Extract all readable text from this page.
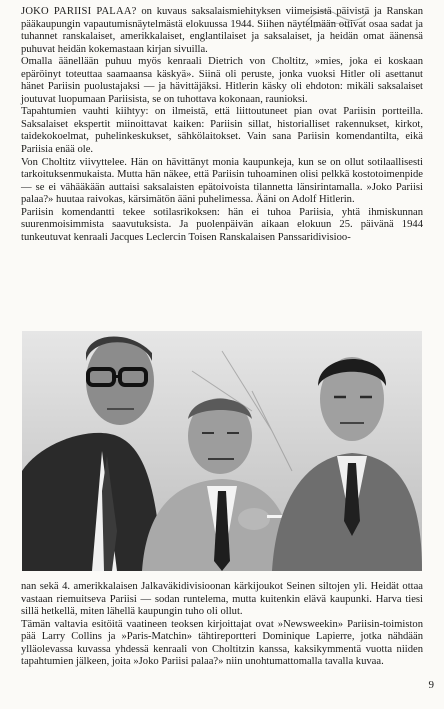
JOKO PARIISI PALAA? on kuvaus saksalaismiehityksen viimeisistä päivistä ja Ranskan pääkaupungin vapautumisnäytelmästä elokuussa 1944. Siihen näytelmään ottivat osaa sadat ja tuhannet ranskalaiset, amerikkalaiset, englantilaiset ja saksalaiset, ja heidän omat äänensä puhuvat heidän kokemastaan kirjan sivuilla.

Omalla äänellään puhuu myös kenraali Dietrich von Choltitz, »mies, joka ei koskaan epäröinyt toteuttaa saamaansa käskyä». Siinä oli peruste, jonka vuoksi Hitler oli asettanut hänet Pariisin puolustajaksi — ja hävittäjäksi. Hitlerin käsky oli ehdoton: mikäli saksalaiset joutuvat luopumaan Pariisista, se on tuhottava kokonaan, raunioksi.

Tapahtumien vauhti kiihtyy: on ilmeistä, että liittoutuneet pian ovat Pariisin portteilla. Saksalaiset ekspertit miinoittavat kaiken: Pariisin sillat, historialliset rakennukset, kirkot, taidekokoelmat, puhelinkeskukset, sähkölaitokset. Vain sana Pariisin komendantilta, eikä Pariisia enää ole.

Von Choltitz viivyttelee. Hän on hävittänyt monia kaupunkeja, kun se on ollut sotilaallisesti tarkoituksenmukaista. Mutta hän näkee, että Pariisin tuhoaminen olisi pelkkä kostotoimenpide — se ei vähääkään auttaisi saksalaisten epätoivoista tilannetta länsirintamalla. »Joko Pariisi palaa?» huutaa raivokas, kärsimätön ääni puhelimessa. Ääni on Adolf Hitlerin.

Pariisin komendantti tekee sotilasrikoksen: hän ei tuhoa Pariisia, yhtä ihmiskunnan suurenmoisimmista saavutuksista. Ja puolenpäivän aikaan elokuun 25. päivänä 1944 tunkeutuvat kenraali Jacques Leclercin Toisen Ranskalaisen Panssaridivisioo-

nan sekä 4. amerikkalaisen Jalkaväkidivisioonan kärkijoukot Seinen siltojen yli. Heidät ottaa vastaan riemuitseva Pariisi — sodan runtelema, mutta kuitenkin elävä kaupunki. Harva tiesi sillä hetkellä, miten lähellä kaupungin tuho oli ollut.

Tämän valtavia esitöitä vaatineen teoksen kirjoittajat ovat »Newsweekin» Pariisin-toimiston pää Larry Collins ja »Paris-Matchin» tähtireportteri Dominique Lapierre, jotka nähdään ylläolevassa kuvassa yhdessä kenraali von Choltitzin kanssa, kaksikymmentä vuotta niiden tapahtumien jälkeen, joita »Joko Pariisi palaa?» niin unohtumattomalla tavalla kuvaa.

9
